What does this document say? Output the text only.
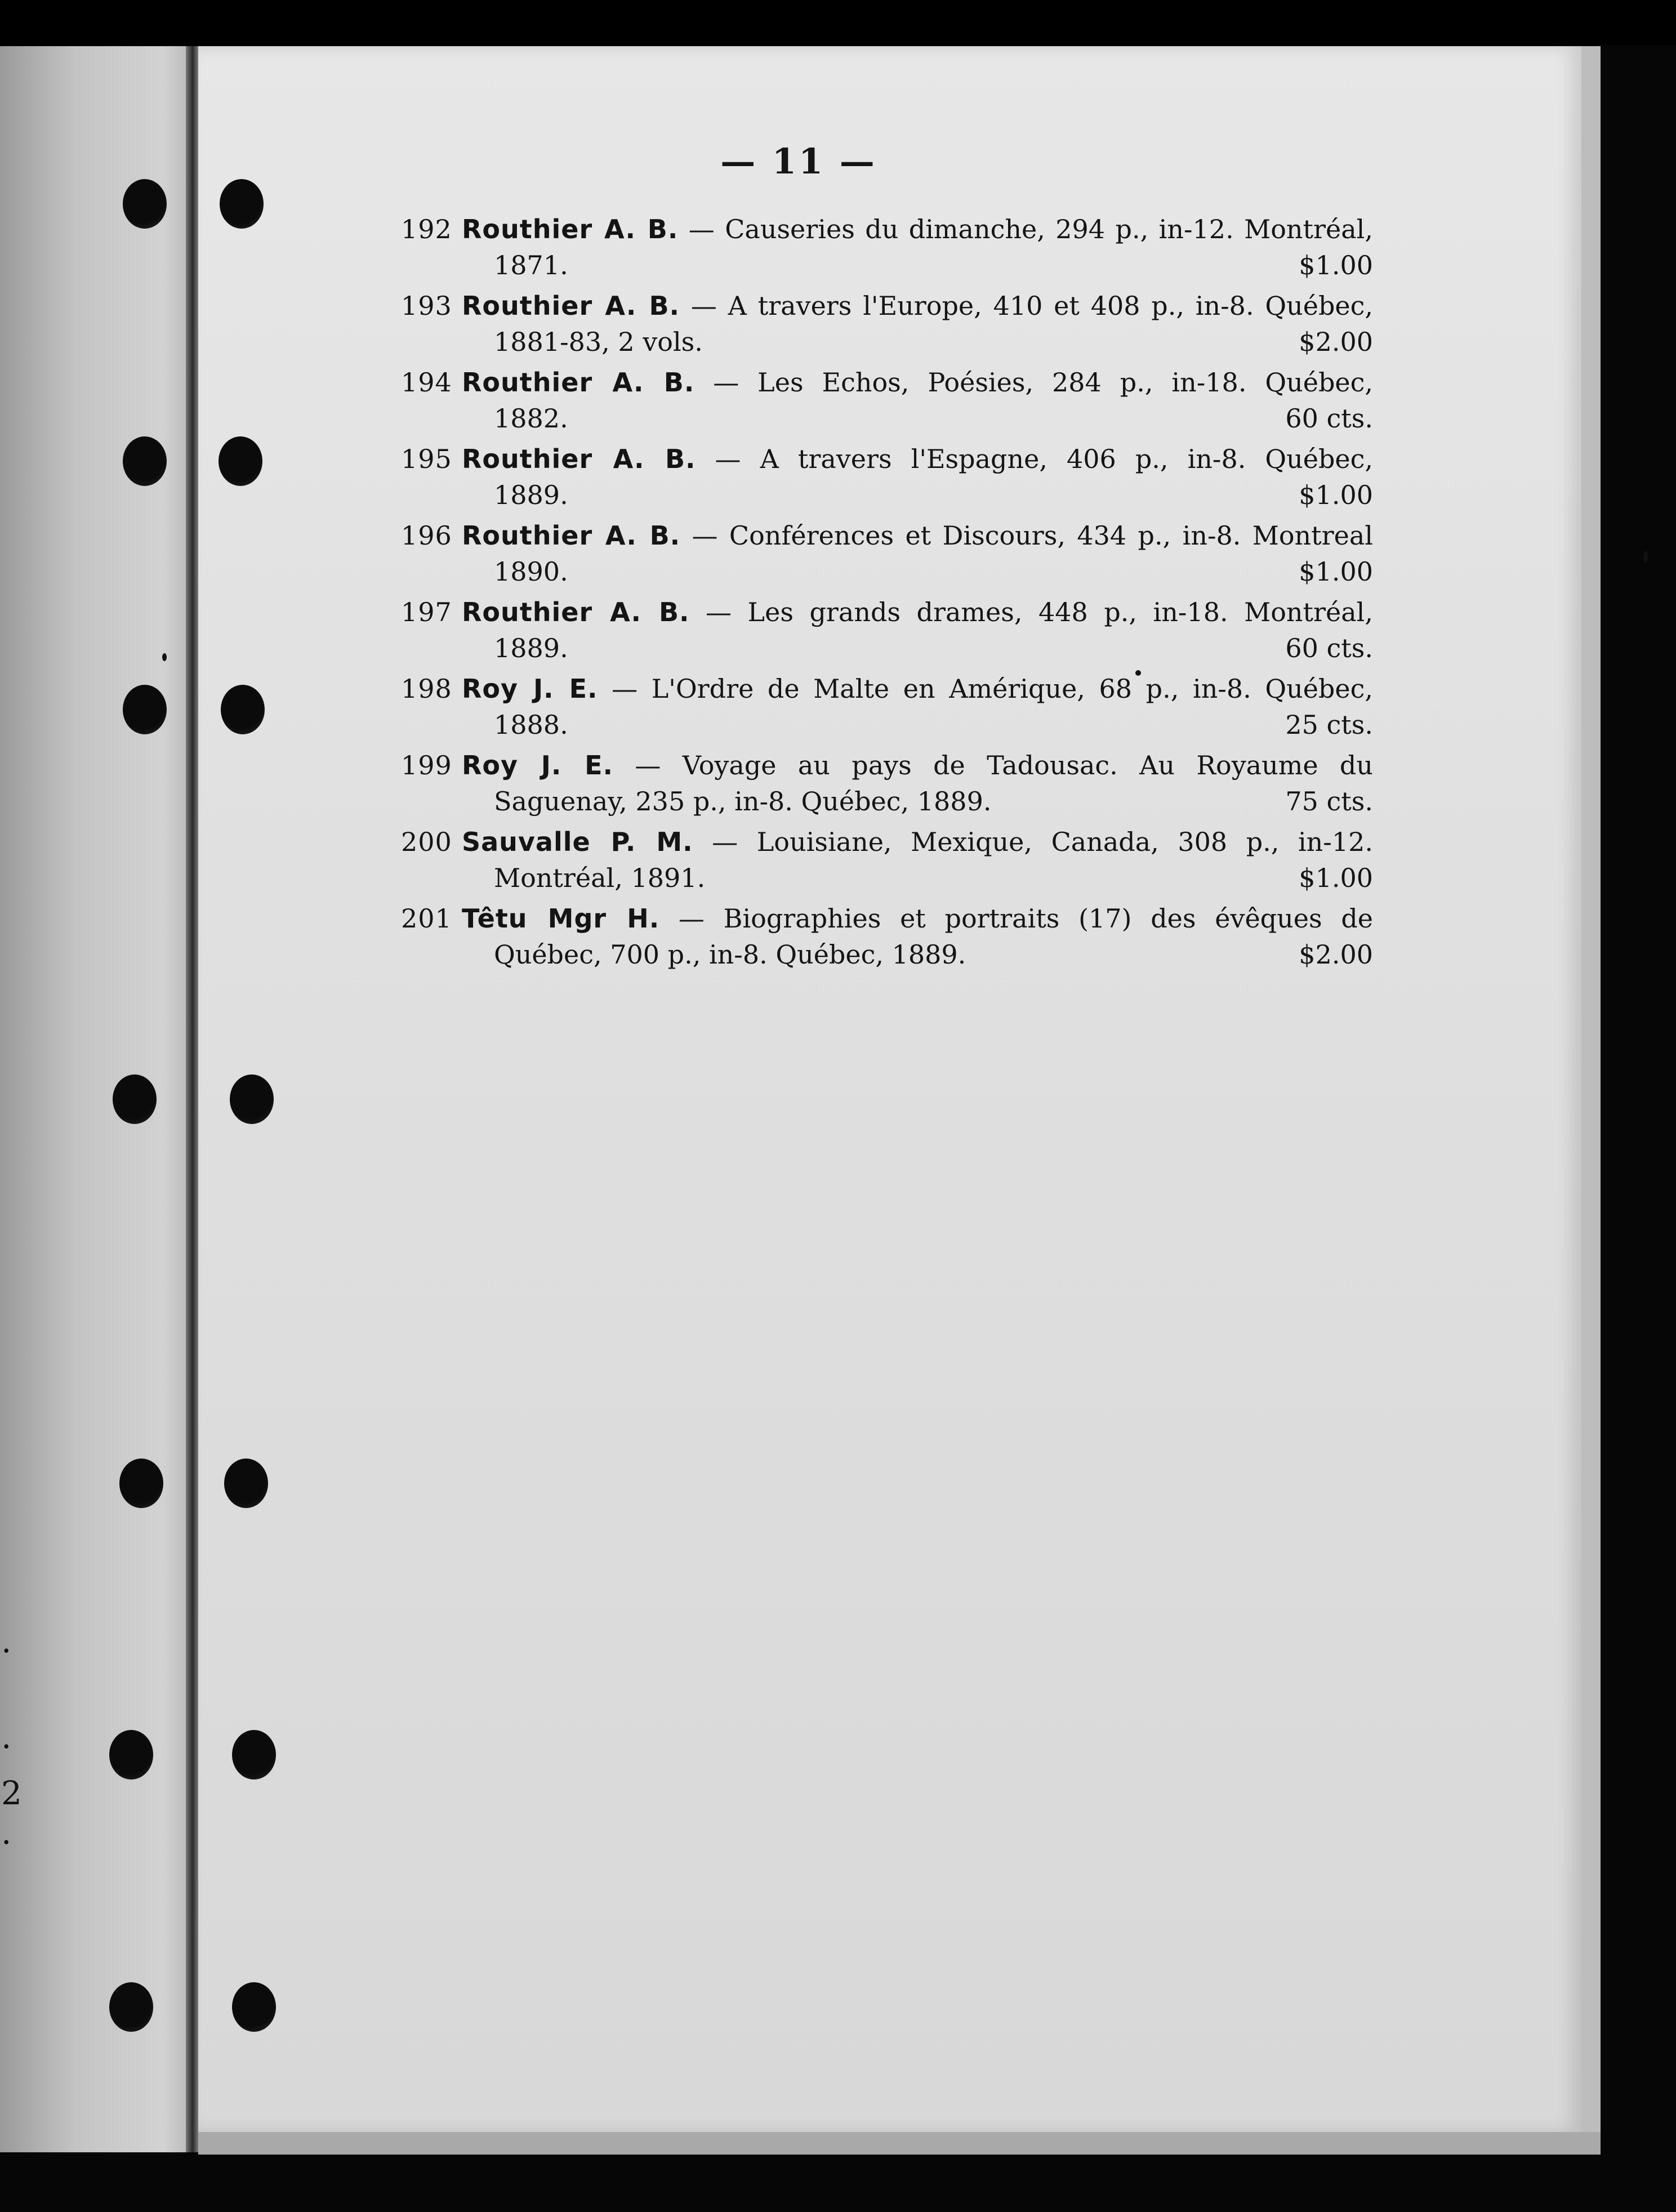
.
.
2
.
— 11 —
192 Routhier A. B. — Causeries du dimanche, 294 p., in-12. Montréal,
1871.	$1.00
193 Routhier A. B. — A travers l'Europe, 410 et 408 p., in-8. Québec,
1881-83, 2 vols.	$2.00
194 Routhier A. B. — Les Echos, Poésies, 284 p., in-18. Québec,
1882.	60 cts.
195 Routhier A. B. — A travers l'Espagne, 406 p., in-8. Québec,
1889.	$1.00
196 Routhier A. B. — Conférences et Discours, 434 p., in-8. Montreal
1890.	$1.00
197 Routhier A. B. — Les grands drames, 448 p., in-18. Montréal,
1889.	60 cts.
198 Roy J. E. — L'Ordre de Malte en Amérique, 68 p., in-8. Québec,
1888.	25 cts.
199 Roy J. E. — Voyage au pays de Tadousac. Au Royaume du
Saguenay, 235 p., in-8. Québec, 1889.	75 cts.
200 Sauvalle P. M. — Louisiane, Mexique, Canada, 308 p., in-12.
Montréal, 1891.	$1.00
201 Têtu Mgr H. — Biographies et portraits (17) des évêques de
Québec, 700 p., in-8. Québec, 1889.	$2.00
